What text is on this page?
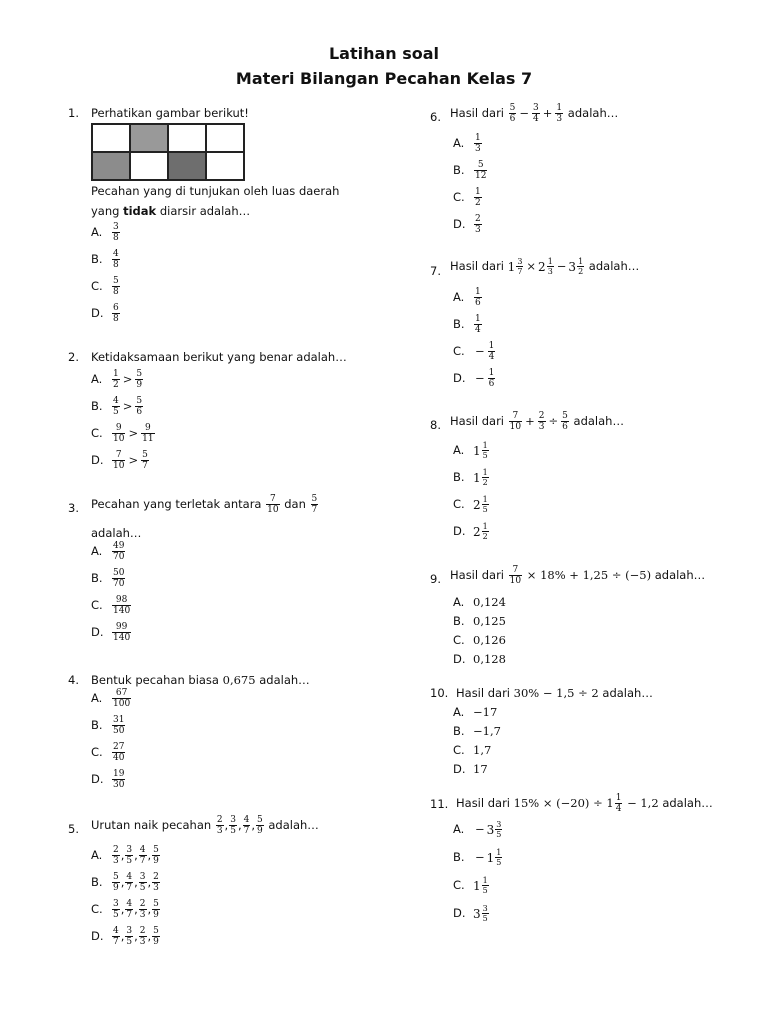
Latihan soal
Materi Bilangan Pecahan Kelas 7
1. Perhatikan gambar berikut!
Pecahan yang di tunjukan oleh luas daerah
yang tidak diarsir adalah…
A. $\frac{3}{8}$
B. $\frac{4}{8}$
C. $\frac{5}{8}$
D. $\frac{6}{8}$
2. Ketidaksamaan berikut yang benar adalah…
A. $\frac{1}{2} > \frac{5}{9}$
B. $\frac{4}{5} > \frac{5}{6}$
C. $\frac{9}{10} > \frac{9}{11}$
D. $\frac{7}{10} > \frac{5}{7}$
3. Pecahan yang terletak antara $\frac{7}{10}$ dan $\frac{5}{7}$
adalah…
A. $\frac{49}{70}$
B. $\frac{50}{70}$
C. $\frac{98}{140}$
D. $\frac{99}{140}$
4. Bentuk pecahan biasa 0,675 adalah…
A. $\frac{67}{100}$
B. $\frac{31}{50}$
C. $\frac{27}{40}$
D. $\frac{19}{30}$
5. Urutan naik pecahan $\frac{2}{3}$ , $\frac{3}{5}$ , $\frac{4}{7}$ , $\frac{5}{9}$ adalah…
A. $\frac{2}{3}$ , $\frac{3}{5}$ , $\frac{4}{7}$ , $\frac{5}{9}$
B. $\frac{5}{9}$ , $\frac{4}{7}$ , $\frac{3}{5}$ , $\frac{2}{3}$
C. $\frac{3}{5}$ , $\frac{4}{7}$ , $\frac{2}{3}$ , $\frac{5}{9}$
D. $\frac{4}{7}$ , $\frac{3}{5}$ , $\frac{2}{3}$ , $\frac{5}{9}$
6. Hasil dari $\frac{5}{6} - \frac{3}{4} + \frac{1}{3}$ adalah…
A. $\frac{1}{3}$
B. $\frac{5}{12}$
C. $\frac{1}{2}$
D. $\frac{2}{3}$
7. Hasil dari $1 \frac{3}{7} \times 2 \frac{1}{3} - 3 \frac{1}{2}$ adalah…
A. $\frac{1}{6}$
B. $\frac{1}{4}$
C. − $\frac{1}{4}$
D. − $\frac{1}{6}$
8. Hasil dari $\frac{7}{10} + \frac{2}{3} \div \frac{5}{6}$ adalah…
A. $1 \frac{1}{5}$
B. $1 \frac{1}{2}$
C. $2 \frac{1}{5}$
D. $2 \frac{1}{2}$
9. Hasil dari $\frac{7}{10} \times 18\% + 1,25 \div (-5)$ adalah…
A. 0,124
B. 0,125
C. 0,126
D. 0,128
10. Hasil dari 30% − 1,5 ÷ 2 adalah…
A. −17
B. −1,7
C. 1,7
D. 17
11. Hasil dari $15\% \times (-20) \div 1 \frac{1}{4} - 1,2$ adalah…
A. − $3 \frac{3}{5}$
B. − $1 \frac{1}{5}$
C. $1 \frac{1}{5}$
D. $3 \frac{3}{5}$
